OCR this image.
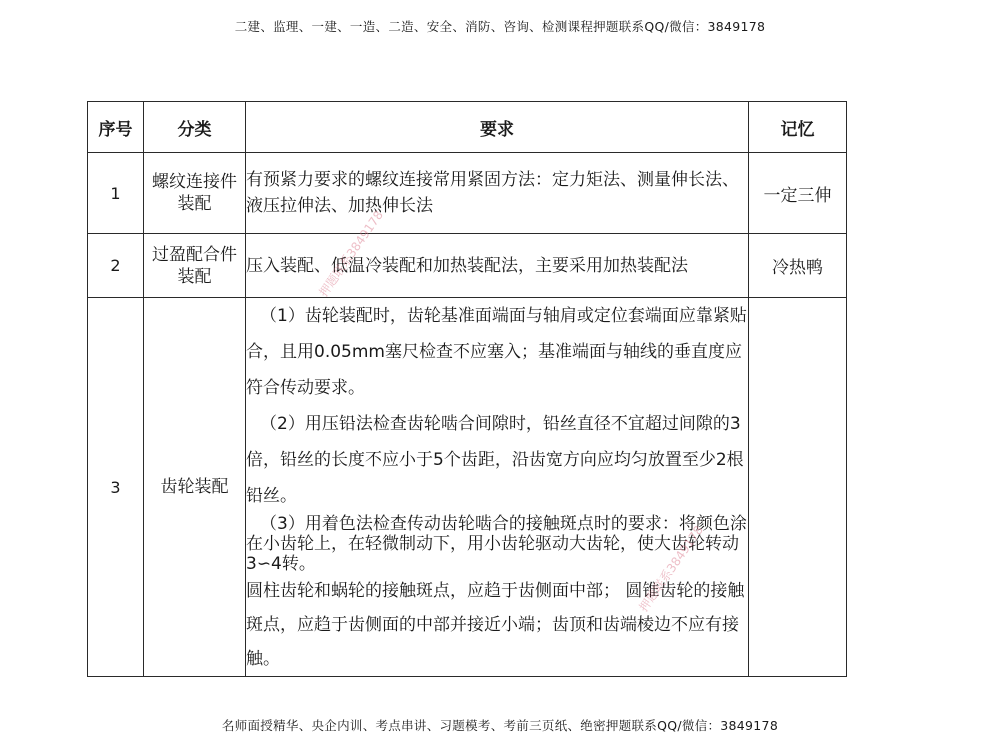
二建、监理、一建、一造、二造、安全、消防、咨询、检测课程押题联系QQ/微信：3849178
序号	分类	要求	记忆
1	螺纹连接件装配	有预紧力要求的螺纹连接常用紧固方法：定力矩法、测量伸长法、液压拉伸法、加热伸长法	一定三伸
2	过盈配合件装配	压入装配、低温冷装配和加热装配法，主要采用加热装配法	冷热鸭
3	齿轮装配	（1）齿轮装配时，齿轮基准面端面与轴肩或定位套端面应靠紧贴合，且用0.05mm塞尺检查不应塞入；基准端面与轴线的垂直度应符合传动要求。
（2）用压铅法检查齿轮啮合间隙时，铅丝直径不宜超过间隙的3倍，铅丝的长度不应小于5个齿距，沿齿宽方向应均匀放置至少2根铅丝。
（3）用着色法检查传动齿轮啮合的接触斑点时的要求：将颜色涂在小齿轮上，在轻微制动下，用小齿轮驱动大齿轮，使大齿轮转动3∽4转。
圆柱齿轮和蜗轮的接触斑点，应趋于齿侧面中部； 圆锥齿轮的接触斑点，应趋于齿侧面的中部并接近小端；齿顶和齿端棱边不应有接触。	

押题联系3849178
押题联系3849178
名师面授精华、央企内训、考点串讲、习题模考、考前三页纸、绝密押题联系QQ/微信：3849178
